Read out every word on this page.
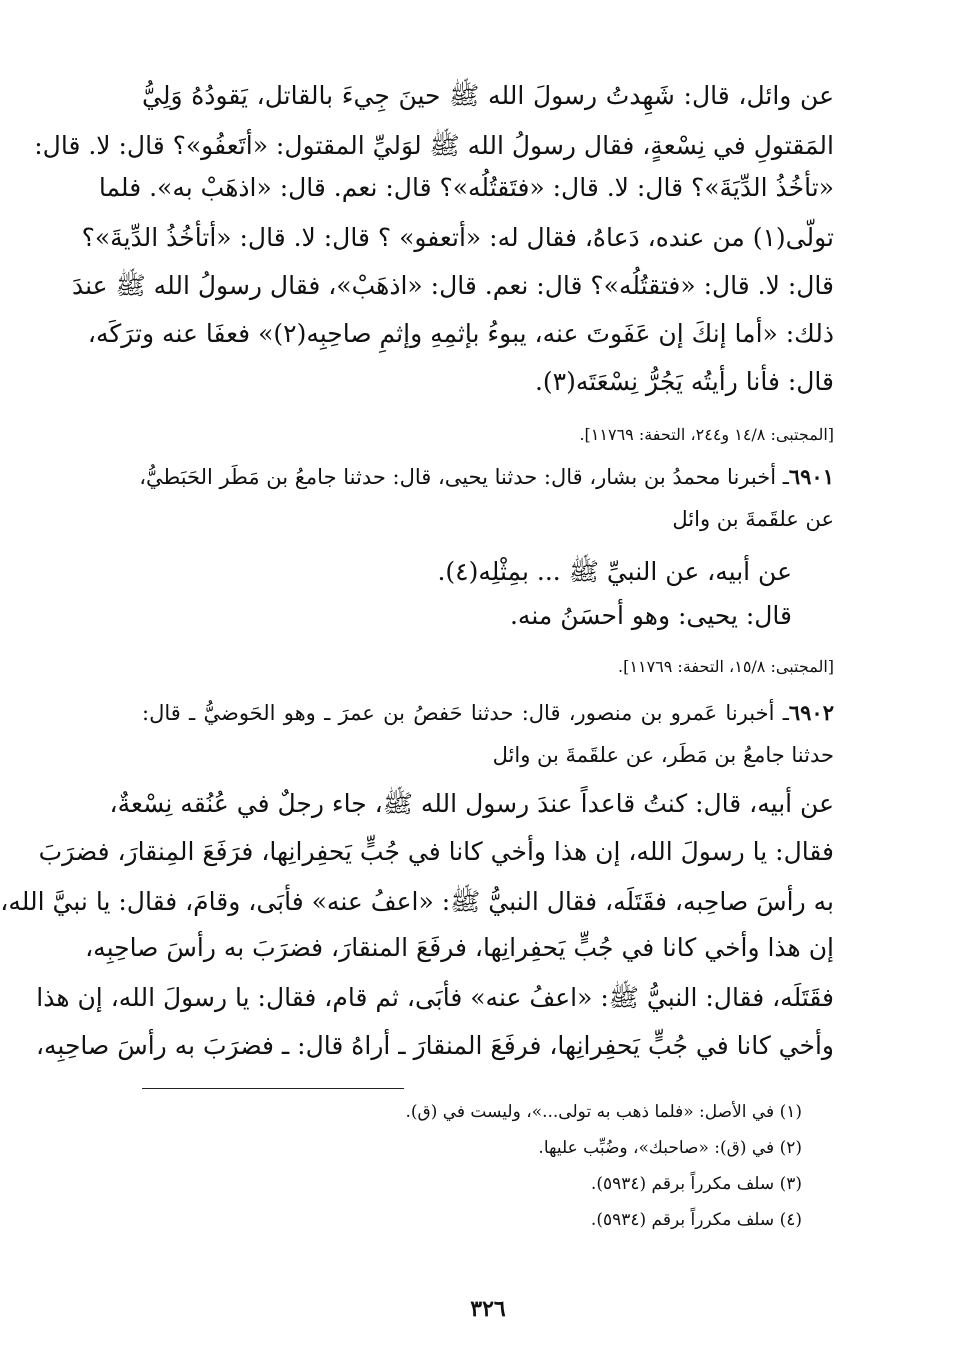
عن وائل، قال: شَهِدتُ رسولَ الله ﷺ حينَ جِيءَ بالقاتل، يَقودُهُ وَلِيُّ
المَقتولِ في نِسْعةٍ، فقال رسولُ الله ﷺ لوَليِّ المقتول: «أتَعفُو»؟ قال: لا. قال:
«تأخُذُ الدِّيَةَ»؟ قال: لا. قال: «فتَقتُلُه»؟ قال: نعم. قال: «اذهَبْ به». فلما
تولّى(١) من عنده، دَعاهُ، فقال له: «أتعفو» ؟ قال: لا. قال: «أتأخُذُ الدِّيةَ»؟
قال: لا. قال: «فتقتُلُه»؟ قال: نعم. قال: «اذهَبْ»، فقال رسولُ الله ﷺ عندَ
ذلك: «أما إنكَ إن عَفَوتَ عنه، يبوءُ بإثمِهِ وإثمِ صاحِبِه(٢)» فعفَا عنه وترَكَه،
قال: فأنا رأيتُه يَجُرُّ نِسْعَتَه(٣).
[المجتبى: ١٤/٨ و٢٤٤، التحفة: ١١٧٦٩].
٦٩٠١ـ أخبرنا محمدُ بن بشار، قال: حدثنا يحيى، قال: حدثنا جامعُ بن مَطَر الحَبَطيُّ،
عن علقَمةَ بن وائل
عن أبيه، عن النبيِّ ﷺ ... بمِثْلِه(٤).
قال: يحيى: وهو أحسَنُ منه.
[المجتبى: ١٥/٨، التحفة: ١١٧٦٩].
٦٩٠٢ـ أخبرنا عَمرو بن منصور، قال: حدثنا حَفصُ بن عمرَ ـ وهو الحَوضيُّ ـ قال:
حدثنا جامعُ بن مَطَر، عن علقَمةَ بن وائل
عن أبيه، قال: كنتُ قاعداً عندَ رسول الله ﷺ، جاء رجلٌ في عُنُقه نِسْعةٌ،
فقال: يا رسولَ الله، إن هذا وأخي كانا في جُبٍّ يَحفِرانِها، فرَفَعَ المِنقارَ، فضرَبَ
به رأسَ صاحِبه، فقَتَلَه، فقال النبيُّ ﷺ: «اعفُ عنه» فأبَى، وقامَ، فقال: يا نبيَّ الله،
إن هذا وأخي كانا في جُبٍّ يَحفِرانِها، فرفَعَ المنقارَ، فضرَبَ به رأسَ صاحِبِه،
فقَتَلَه، فقال: النبيُّ ﷺ: «اعفُ عنه» فأبَى، ثم قام، فقال: يا رسولَ الله، إن هذا
وأخي كانا في جُبٍّ يَحفِرانِها، فرفَعَ المنقارَ ـ أراهُ قال: ـ فضرَبَ به رأسَ صاحِبِه،
(١) في الأصل: «فلما ذهب به تولى...»، وليست في (ق).
(٢) في (ق): «صاحبك»، وضُبِّب عليها.
(٣) سلف مكرراً برقم (٥٩٣٤).
(٤) سلف مكرراً برقم (٥٩٣٤).
٣٢٦
